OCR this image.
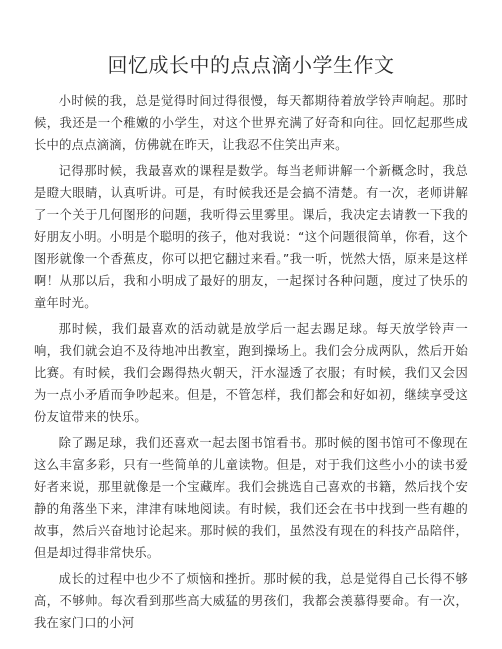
回忆成长中的点点滴小学生作文

小时候的我，总是觉得时间过得很慢，每天都期待着放学铃声响起。那时候，我还是一个稚嫩的小学生，对这个世界充满了好奇和向往。回忆起那些成长中的点点滴滴，仿佛就在昨天，让我忍不住笑出声来。

记得那时候，我最喜欢的课程是数学。每当老师讲解一个新概念时，我总是瞪大眼睛，认真听讲。可是，有时候我还是会搞不清楚。有一次，老师讲解了一个关于几何图形的问题，我听得云里雾里。课后，我决定去请教一下我的好朋友小明。小明是个聪明的孩子，他对我说：“这个问题很简单，你看，这个图形就像一个香蕉皮，你可以把它翻过来看。”我一听，恍然大悟，原来是这样啊！从那以后，我和小明成了最好的朋友，一起探讨各种问题，度过了快乐的童年时光。

那时候，我们最喜欢的活动就是放学后一起去踢足球。每天放学铃声一响，我们就会迫不及待地冲出教室，跑到操场上。我们会分成两队，然后开始比赛。有时候，我们会踢得热火朝天，汗水湿透了衣服；有时候，我们又会因为一点小矛盾而争吵起来。但是，不管怎样，我们都会和好如初，继续享受这份友谊带来的快乐。

除了踢足球，我们还喜欢一起去图书馆看书。那时候的图书馆可不像现在这么丰富多彩，只有一些简单的儿童读物。但是，对于我们这些小小的读书爱好者来说，那里就像是一个宝藏库。我们会挑选自己喜欢的书籍，然后找个安静的角落坐下来，津津有味地阅读。有时候，我们还会在书中找到一些有趣的故事，然后兴奋地讨论起来。那时候的我们，虽然没有现在的科技产品陪伴，但是却过得非常快乐。

成长的过程中也少不了烦恼和挫折。那时候的我，总是觉得自己长得不够高，不够帅。每次看到那些高大威猛的男孩们，我都会羡慕得要命。有一次，我在家门口的小河
